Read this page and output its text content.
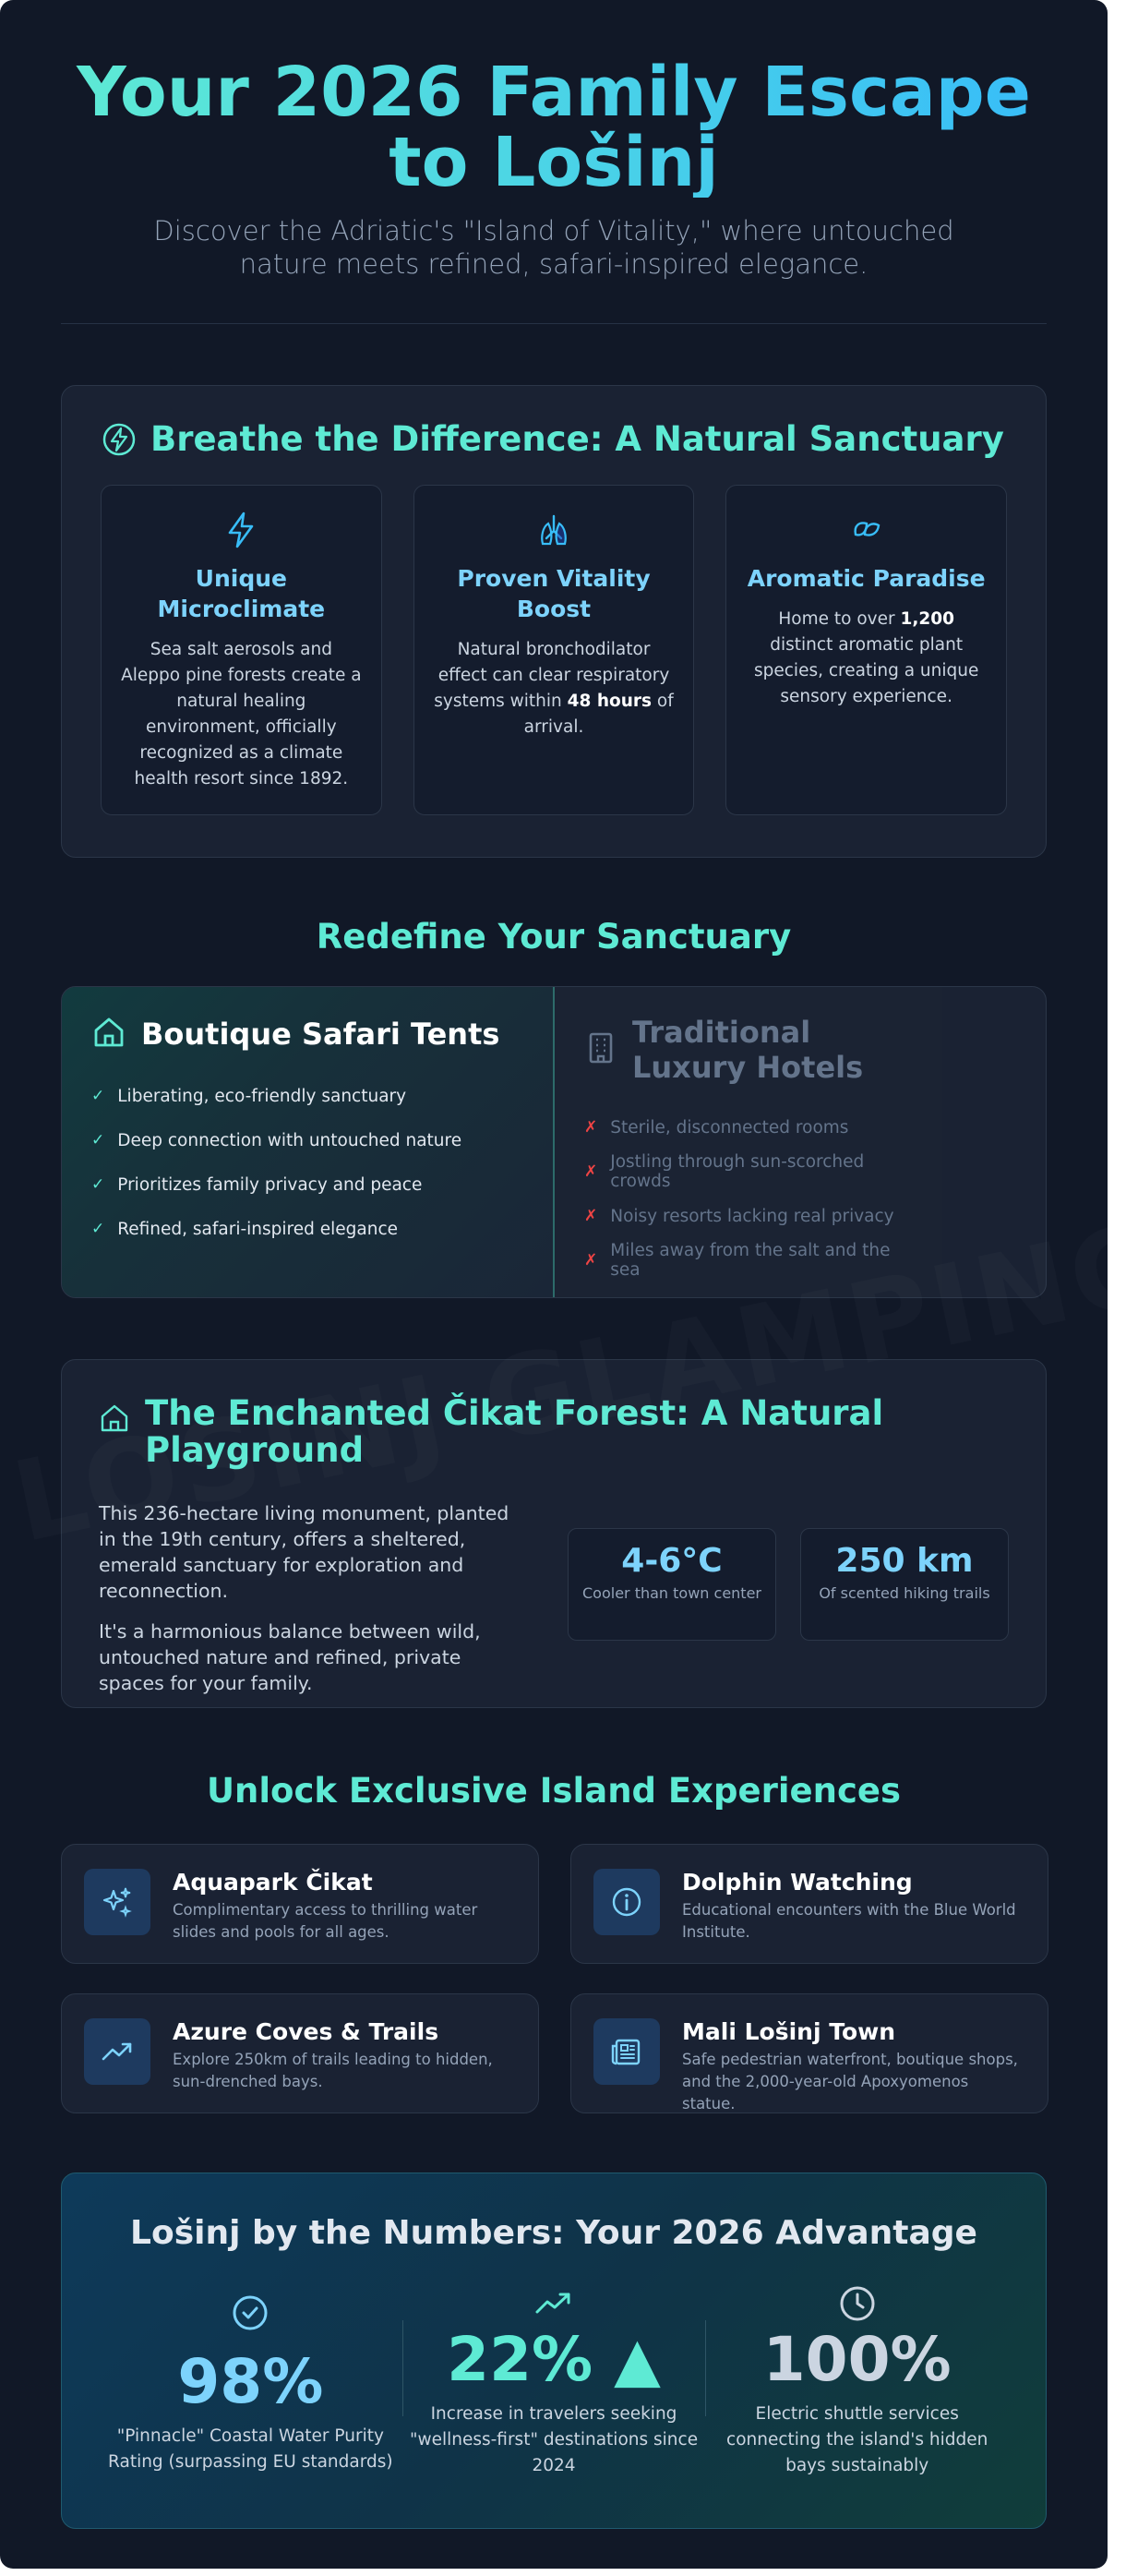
Your 2026 Family Escape to Lošinj

Discover the Adriatic's "Island of Vitality," where untouched nature meets refined, safari-inspired elegance.

Breathe the Difference: A Natural Sanctuary
Unique Microclimate

Sea salt aerosols and Aleppo pine forests create a natural healing environment, officially recognized as a climate health resort since 1892.

Proven Vitality Boost

Natural bronchodilator effect can clear respiratory systems within 48 hours of arrival.

Aromatic Paradise

Home to over 1,200 distinct aromatic plant species, creating a unique sensory experience.

Redefine Your Sanctuary
Boutique Safari Tents
✓ Liberating, eco-friendly sanctuary
✓ Deep connection with untouched nature
✓ Prioritizes family privacy and peace
✓ Refined, safari-inspired elegance
Traditional Luxury Hotels
✗ Sterile, disconnected rooms
✗ Jostling through sun-scorched crowds
✗ Noisy resorts lacking real privacy
✗ Miles away from the salt and the sea
The Enchanted Čikat Forest: A Natural Playground

This 236-hectare living monument, planted in the 19th century, offers a sheltered, emerald sanctuary for exploration and reconnection.

It's a harmonious balance between wild, untouched nature and refined, private spaces for your family.

4-6°C
Cooler than town center
250 km
Of scented hiking trails
Unlock Exclusive Island Experiences
Aquapark Čikat
Complimentary access to thrilling water slides and pools for all ages.
Dolphin Watching
Educational encounters with the Blue World Institute.
Azure Coves & Trails
Explore 250km of trails leading to hidden, sun-drenched bays.
Mali Lošinj Town
Safe pedestrian waterfront, boutique shops, and the 2,000-year-old Apoxyomenos statue.
Lošinj by the Numbers: Your 2026 Advantage
98%
"Pinnacle" Coastal Water Purity Rating (surpassing EU standards)
22% ▲
Increase in travelers seeking "wellness-first" destinations since 2024
100%
Electric shuttle services connecting the island's hidden bays sustainably
